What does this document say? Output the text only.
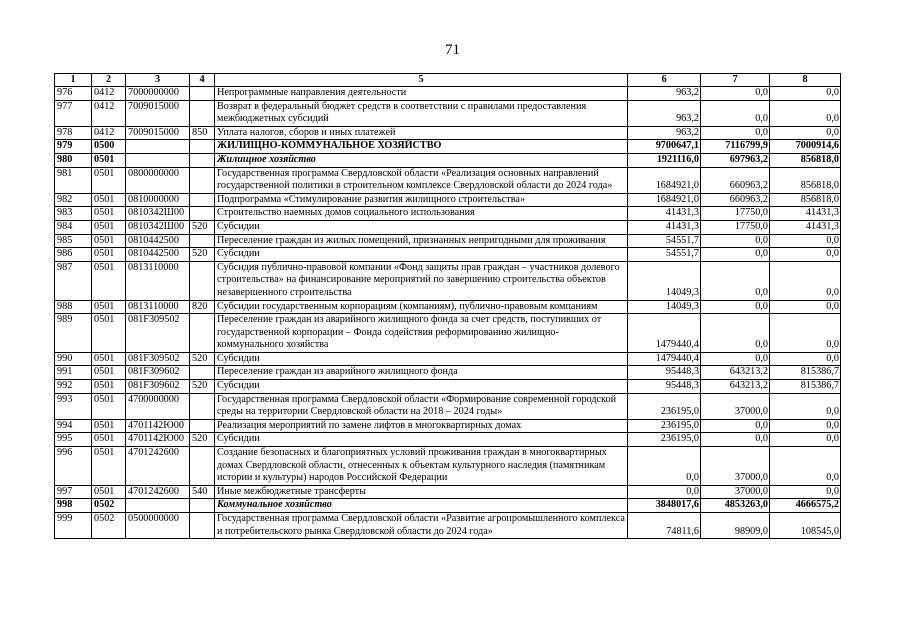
71
1	2	3	4	5	6	7	8
976	0412	7000000000		Непрограммные направления деятельности	963,2	0,0	0,0
977	0412	7009015000		Возврат в федеральный бюджет средств в соответствии с правилами предоставления межбюджетных субсидий	963,2	0,0	0,0
978	0412	7009015000	850	Уплата налогов, сборов и иных платежей	963,2	0,0	0,0
979	0500			ЖИЛИЩНО-КОММУНАЛЬНОЕ ХОЗЯЙСТВО	9700647,1	7116799,9	7000914,6
980	0501			Жилищное хозяйство	1921116,0	697963,2	856818,0
981	0501	0800000000		Государственная программа Свердловской области «Реализация основных направлений государственной политики в строительном комплексе Свердловской области до 2024 года»	1684921,0	660963,2	856818,0
982	0501	0810000000		Подпрограмма «Стимулирование развития жилищного строительства»	1684921,0	660963,2	856818,0
983	0501	0810342Ш00		Строительство наемных домов социального использования	41431,3	17750,0	41431,3
984	0501	0810342Ш00	520	Субсидии	41431,3	17750,0	41431,3
985	0501	0810442500		Переселение граждан из жилых помещений, признанных непригодными для проживания	54551,7	0,0	0,0
986	0501	0810442500	520	Субсидии	54551,7	0,0	0,0
987	0501	0813110000		Субсидия публично-правовой компании «Фонд защиты прав граждан – участников долевого строительства» на финансирование мероприятий по завершению строительства объектов незавершенного строительства	14049,3	0,0	0,0
988	0501	0813110000	820	Субсидии государственным корпорациям (компаниям), публично-правовым компаниям	14049,3	0,0	0,0
989	0501	081F309502		Переселение граждан из аварийного жилищного фонда за счет средств, поступивших от государственной корпорации – Фонда содействия реформированию жилищно-коммунального хозяйства	1479440,4	0,0	0,0
990	0501	081F309502	520	Субсидии	1479440,4	0,0	0,0
991	0501	081F309602		Переселение граждан из аварийного жилищного фонда	95448,3	643213,2	815386,7
992	0501	081F309602	520	Субсидии	95448,3	643213,2	815386,7
993	0501	4700000000		Государственная программа Свердловской области «Формирование современной городской среды на территории Свердловской области на 2018 – 2024 годы»	236195,0	37000,0	0,0
994	0501	4701142Ю00		Реализация мероприятий по замене лифтов в многоквартирных домах	236195,0	0,0	0,0
995	0501	4701142Ю00	520	Субсидии	236195,0	0,0	0,0
996	0501	4701242600		Создание безопасных и благоприятных условий проживания граждан в многоквартирных домах Свердловской области, отнесенных к объектам культурного наследия (памятникам истории и культуры) народов Российской Федерации	0,0	37000,0	0,0
997	0501	4701242600	540	Иные межбюджетные трансферты	0,0	37000,0	0,0
998	0502			Коммунальное хозяйство	3848017,6	4853263,0	4666575,2
999	0502	0500000000		Государственная программа Свердловской области «Развитие агропромышленного комплекса и потребительского рынка Свердловской области до 2024 года»	74811,6	98909,0	108545,0
